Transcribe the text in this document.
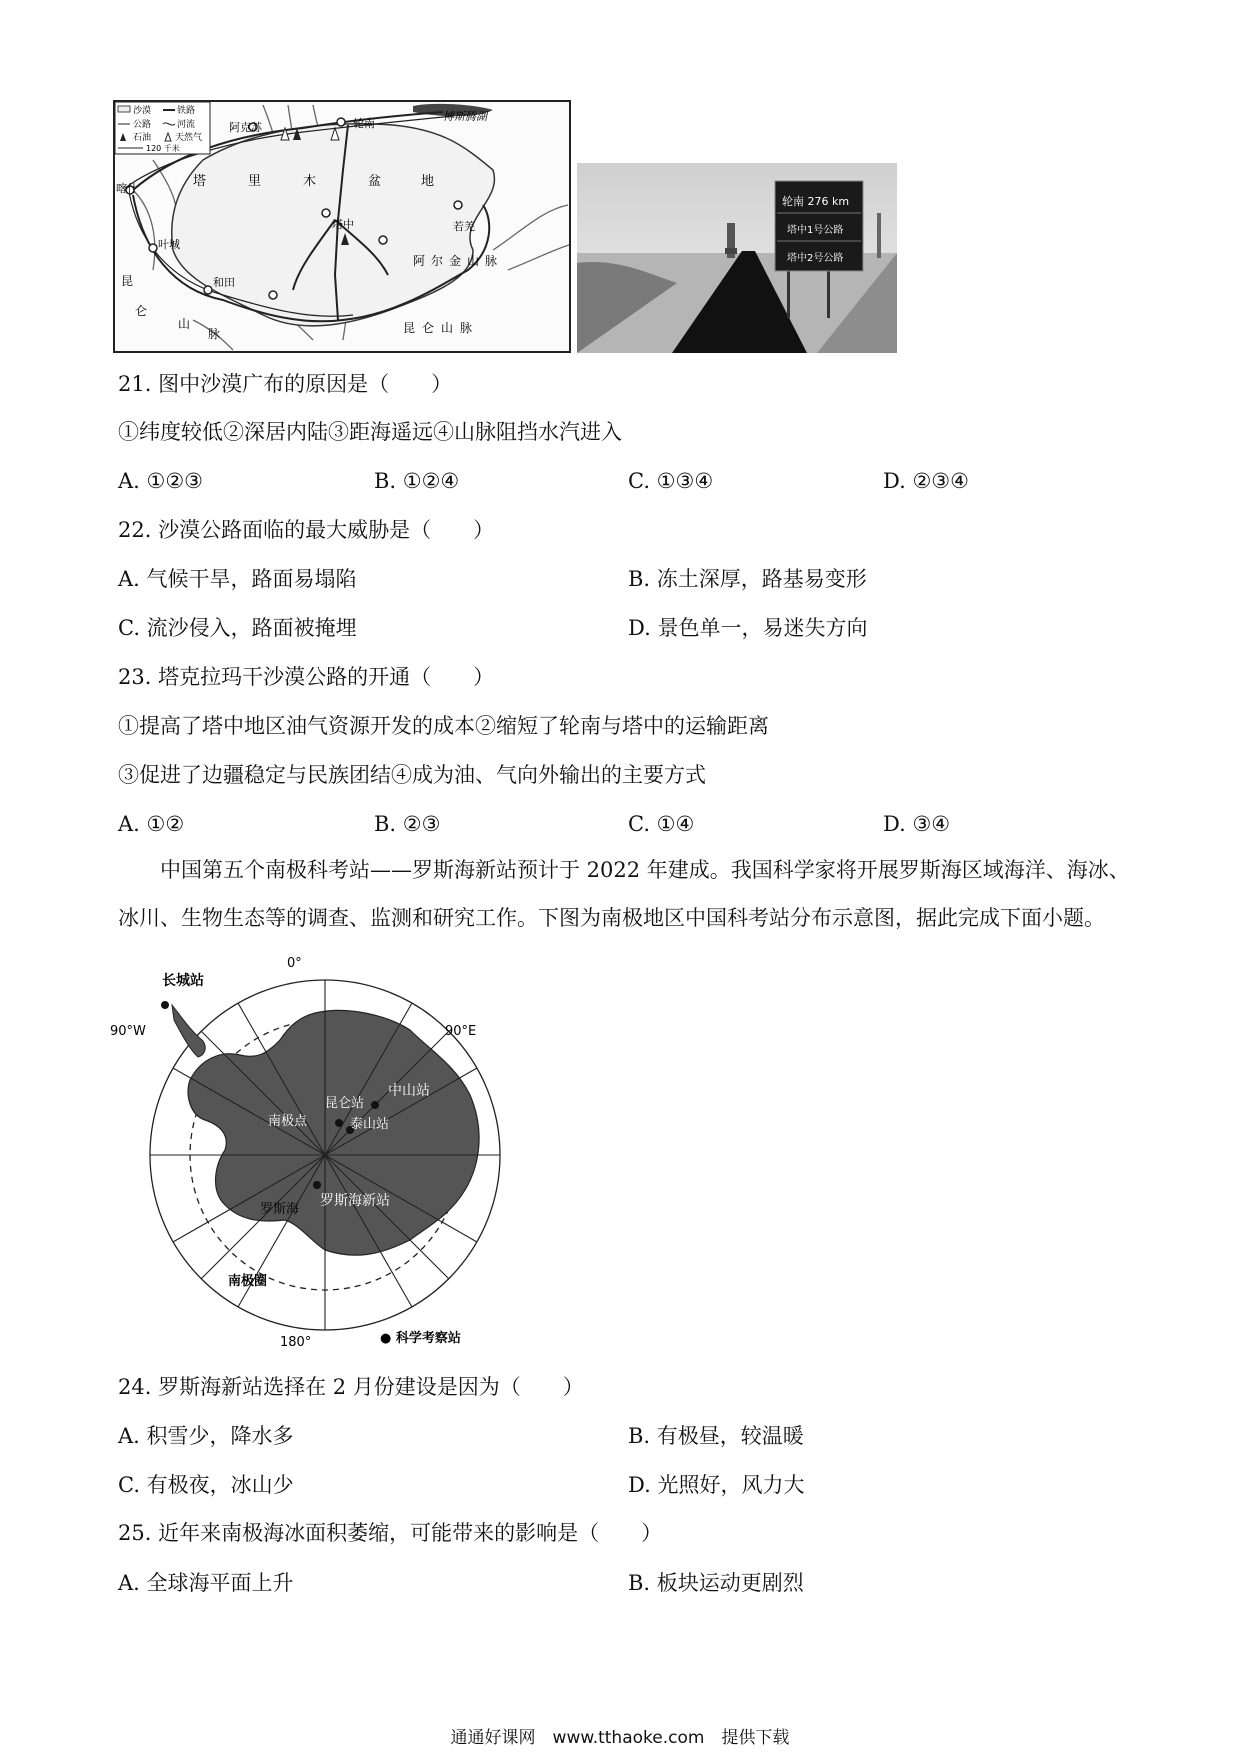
沙漠	铁路
公路	河流
石油	天然气
120 千米
博斯腾湖
阿克苏	轮南
喀什	塔	里	木	盆	地
塔中	若羌
叶城
和田
阿尔金山脉
昆
仑
山
脉	昆仑山脉
轮南 276 km
塔中1号公路
塔中2号公路
21. 图中沙漠广布的原因是（　　）
①纬度较低②深居内陆③距海遥远④山脉阻挡水汽进入
A. ①②③	B. ①②④	C. ①③④	D. ②③④
22. 沙漠公路面临的最大威胁是（　　）
A. 气候干旱，路面易塌陷	B. 冻土深厚，路基易变形
C. 流沙侵入，路面被掩埋	D. 景色单一，易迷失方向
23. 塔克拉玛干沙漠公路的开通（　　）
①提高了塔中地区油气资源开发的成本②缩短了轮南与塔中的运输距离
③促进了边疆稳定与民族团结④成为油、气向外输出的主要方式
A. ①②	B. ②③	C. ①④	D. ③④
中国第五个南极科考站——罗斯海新站预计于 2022 年建成。我国科学家将开展罗斯海区域海洋、海冰、冰川、生物生态等的调查、监测和研究工作。下图为南极地区中国科考站分布示意图，据此完成下面小题。
0°
90°W	90°E
180°
长城站
中山站
昆仑站
泰山站
南极点
罗斯海
罗斯海新站
南极圈
● 科学考察站
24. 罗斯海新站选择在 2 月份建设是因为（　　）
A. 积雪少，降水多	B. 有极昼，较温暖
C. 有极夜，冰山少	D. 光照好，风力大
25. 近年来南极海冰面积萎缩，可能带来的影响是（　　）
A. 全球海平面上升	B. 板块运动更剧烈
通通好课网　www.tthaoke.com　提供下载
